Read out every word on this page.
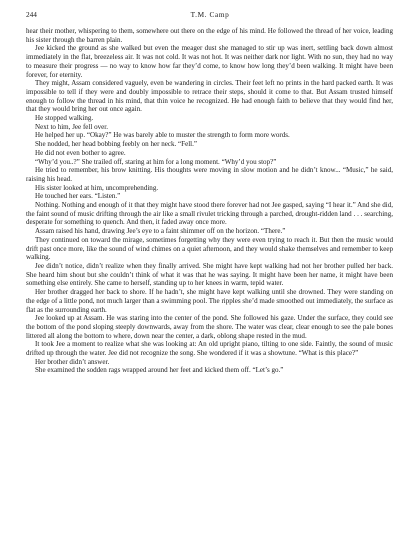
244	T.M. Camp

hear their mother, whispering to them, somewhere out there on the edge of his mind. He followed the thread of her voice, leading his sister through the barren plain.

Jee kicked the ground as she walked but even the meager dust she managed to stir up was inert, settling back down almost immediately in the flat, breezeless air. It was not cold. It was not hot. It was neither dark nor light. With no sun, they had no way to measure their progress — no way to know how far they’d come, to know how long they’d been walking. It might have been forever, for eternity.

They might, Assam considered vaguely, even be wandering in circles. Their feet left no prints in the hard packed earth. It was impossible to tell if they were and doubly impossible to retrace their steps, should it come to that. But Assam trusted himself enough to follow the thread in his mind, that thin voice he recognized. He had enough faith to believe that they would find her, that they would bring her out once again.

He stopped walking.

Next to him, Jee fell over.

He helped her up. “Okay?” He was barely able to muster the strength to form more words.

She nodded, her head bobbing feebly on her neck. “Fell.”

He did not even bother to agree.

“Why’d you..?” She trailed off, staring at him for a long moment. “Why’d you stop?”

He tried to remember, his brow knitting. His thoughts were moving in slow motion and he didn’t know... “Music,” he said, raising his head.

His sister looked at him, uncomprehending.

He touched her ears. “Listen.”

Nothing. Nothing and enough of it that they might have stood there forever had not Jee gasped, saying “I hear it.” And she did, the faint sound of music drifting through the air like a small rivulet tricking through a parched, drought-ridden land . . . searching, desperate for something to quench. And then, it faded away once more.

Assam raised his hand, drawing Jee’s eye to a faint shimmer off on the horizon. “There.”

They continued on toward the mirage, sometimes forgetting why they were even trying to reach it. But then the music would drift past once more, like the sound of wind chimes on a quiet afternoon, and they would shake themselves and remember to keep walking.

Jee didn’t notice, didn’t realize when they finally arrived. She might have kept walking had not her brother pulled her back. She heard him shout but she couldn’t think of what it was that he was saying. It might have been her name, it might have been something else entirely. She came to herself, standing up to her knees in warm, tepid water.

Her brother dragged her back to shore. If he hadn’t, she might have kept walking until she drowned. They were standing on the edge of a little pond, not much larger than a swimming pool. The ripples she’d made smoothed out immediately, the surface as flat as the surrounding earth.

Jee looked up at Assam. He was staring into the center of the pond. She followed his gaze. Under the surface, they could see the bottom of the pond sloping steeply downwards, away from the shore. The water was clear, clear enough to see the pale bones littered all along the bottom to where, down near the center, a dark, oblong shape rested in the mud.

It took Jee a moment to realize what she was looking at: An old upright piano, tilting to one side. Faintly, the sound of music drifted up through the water. Jee did not recognize the song. She wondered if it was a showtune. “What is this place?”

Her brother didn’t answer.

She examined the sodden rags wrapped around her feet and kicked them off. “Let’s go.”
